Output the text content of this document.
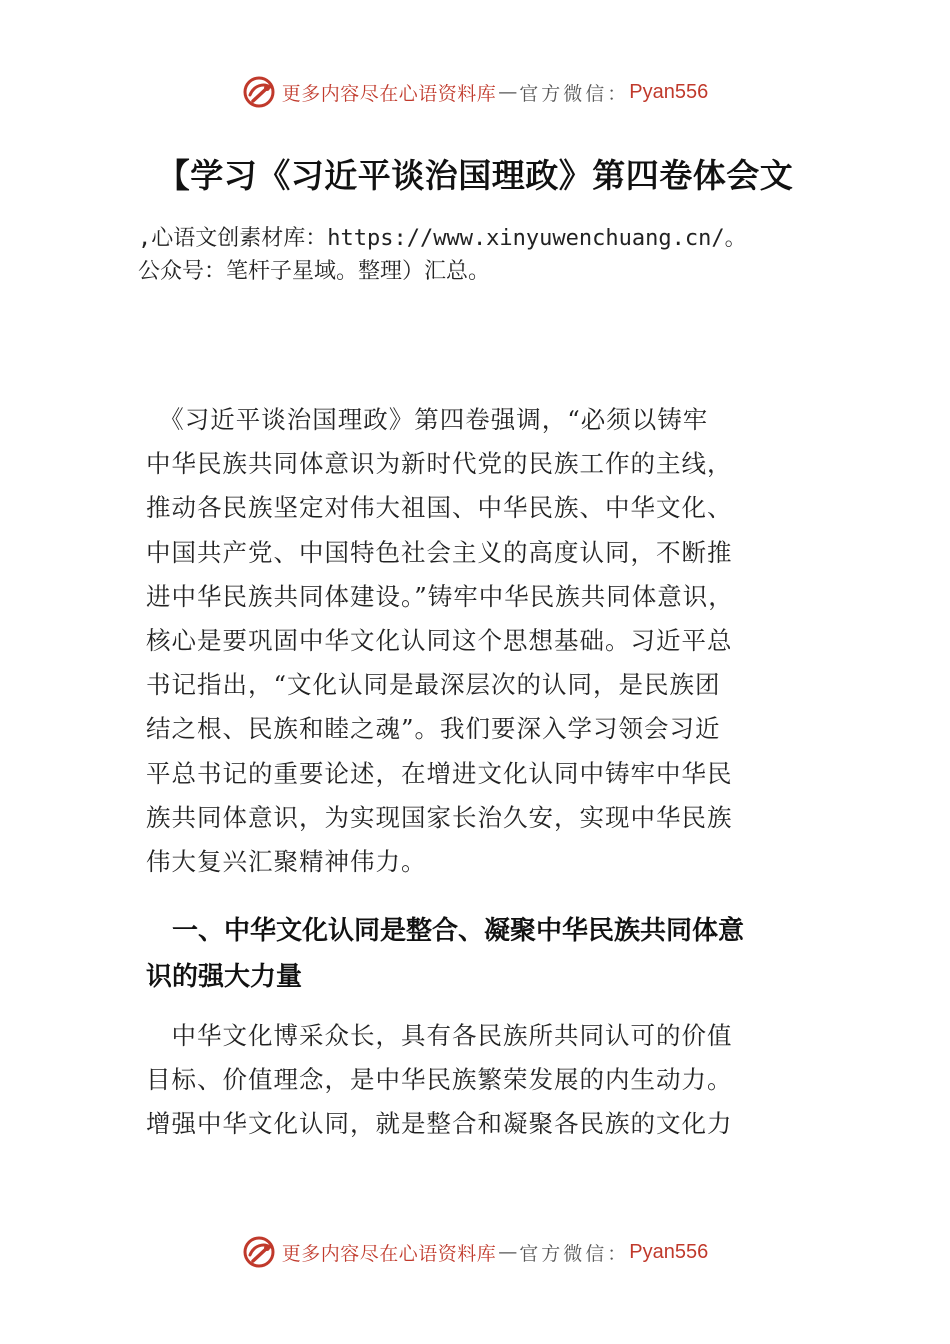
更多内容尽在心语资料库 — 官方微信： Pyan556
【学习《习近平谈治国理政》第四卷体会文
,心语文创素材库：https://www.xinyuwenchuang.cn/。
公众号：笔杆子星域。整理）汇总。
　《习近平谈治国理政》第四卷强调，“必须以铸牢
中华民族共同体意识为新时代党的民族工作的主线，
推动各民族坚定对伟大祖国、中华民族、中华文化、
中国共产党、中国特色社会主义的高度认同，不断推
进中华民族共同体建设。”铸牢中华民族共同体意识，
核心是要巩固中华文化认同这个思想基础。习近平总
书记指出，“文化认同是最深层次的认同，是民族团
结之根、民族和睦之魂”。我们要深入学习领会习近
平总书记的重要论述，在增进文化认同中铸牢中华民
族共同体意识，为实现国家长治久安，实现中华民族
伟大复兴汇聚精神伟力。
　一、中华文化认同是整合、凝聚中华民族共同体意
识的强大力量
　中华文化博采众长，具有各民族所共同认可的价值
目标、价值理念，是中华民族繁荣发展的内生动力。
增强中华文化认同，就是整合和凝聚各民族的文化力
更多内容尽在心语资料库 — 官方微信： Pyan556
